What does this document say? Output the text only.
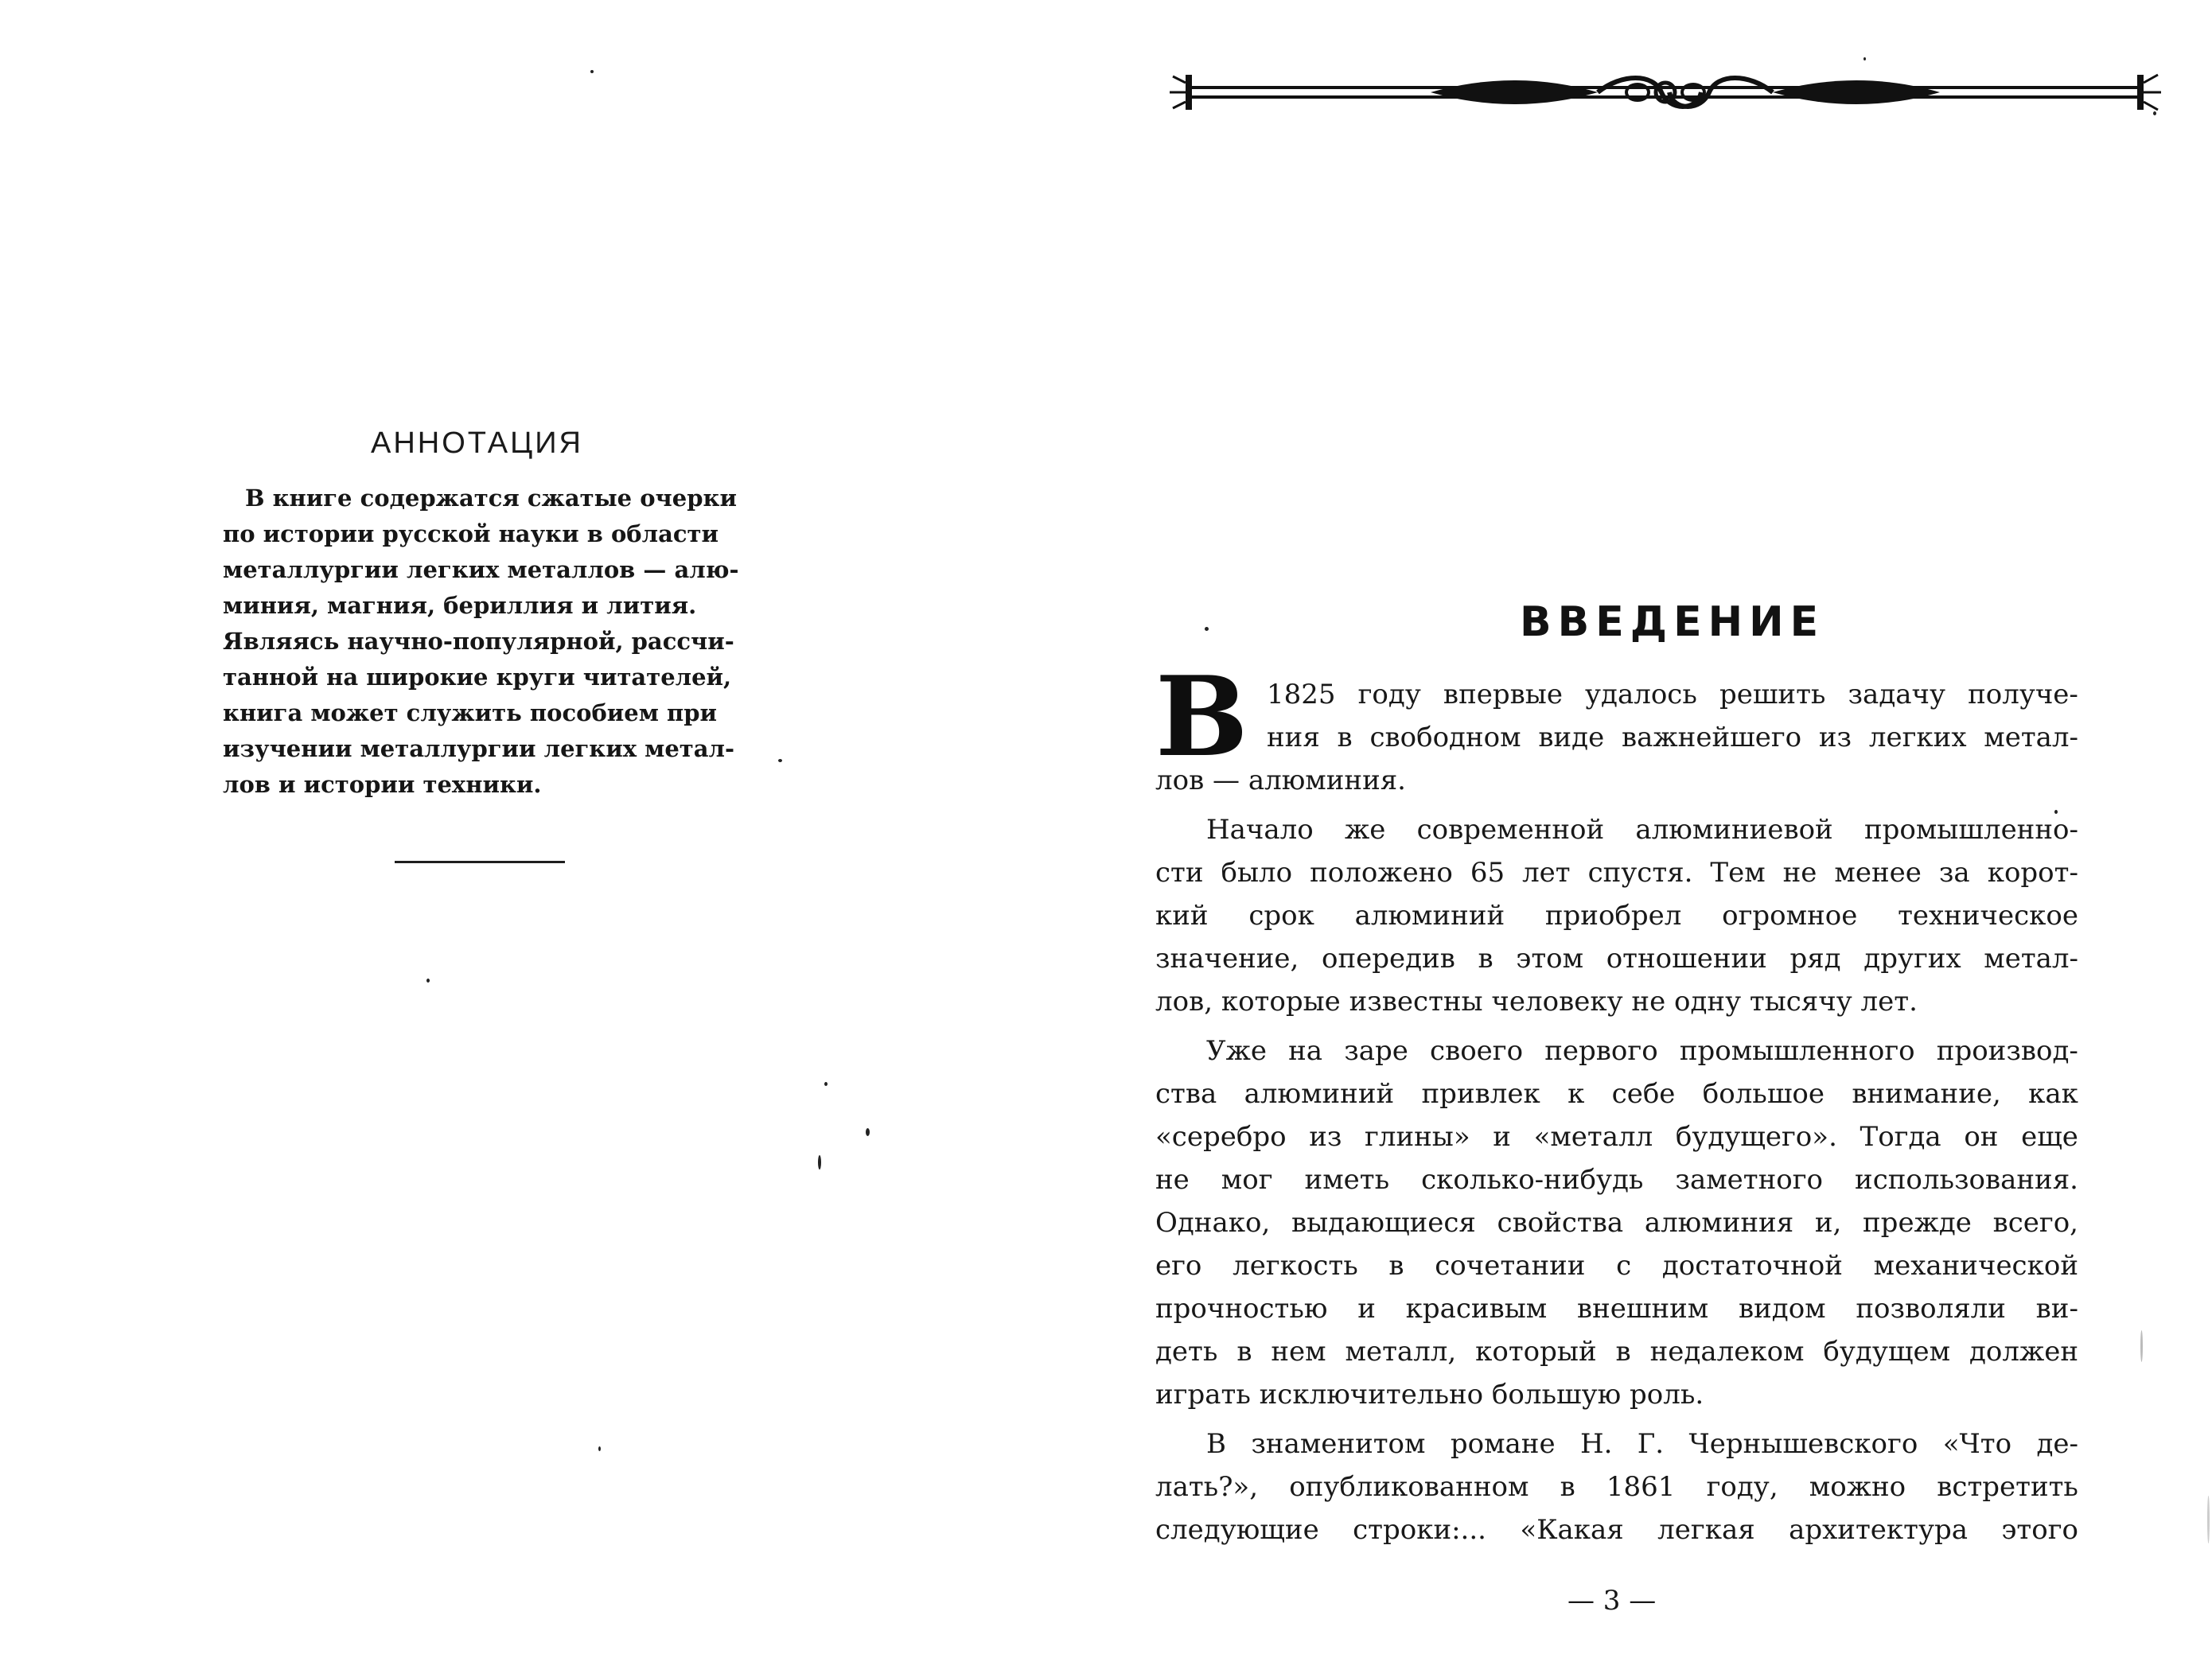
АННОТАЦИЯ
В книге содержатся сжатые очерки
по истории русской науки в области
металлургии легких металлов — алю-
миния, магния, бериллия и лития.
Являясь научно-популярной, рассчи-
танной на широкие круги читателей,
книга может служить пособием при
изучении металлургии легких метал-
лов и истории техники.
ВВЕДЕНИЕ
В 1825 году впервые удалось решить задачу получе-
ния в свободном виде важнейшего из легких метал-
лов — алюминия.
Начало же современной алюминиевой промышленно-
сти было положено 65 лет спустя. Тем не менее за корот-
кий срок алюминий приобрел огромное техническое
значение, опередив в этом отношении ряд других метал-
лов, которые известны человеку не одну тысячу лет.
Уже на заре своего первого промышленного производ-
ства алюминий привлек к себе большое внимание, как
«серебро из глины» и «металл будущего». Тогда он еще
не мог иметь сколько-нибудь заметного использования.
Однако, выдающиеся свойства алюминия и, прежде всего,
его легкость в сочетании с достаточной механической
прочностью и красивым внешним видом позволяли ви-
деть в нем металл, который в недалеком будущем должен
играть исключительно большую роль.
В знаменитом романе Н. Г. Чернышевского «Что де-
лать?», опубликованном в 1861 году, можно встретить
следующие строки:... «Какая легкая архитектура этого
— 3 —
